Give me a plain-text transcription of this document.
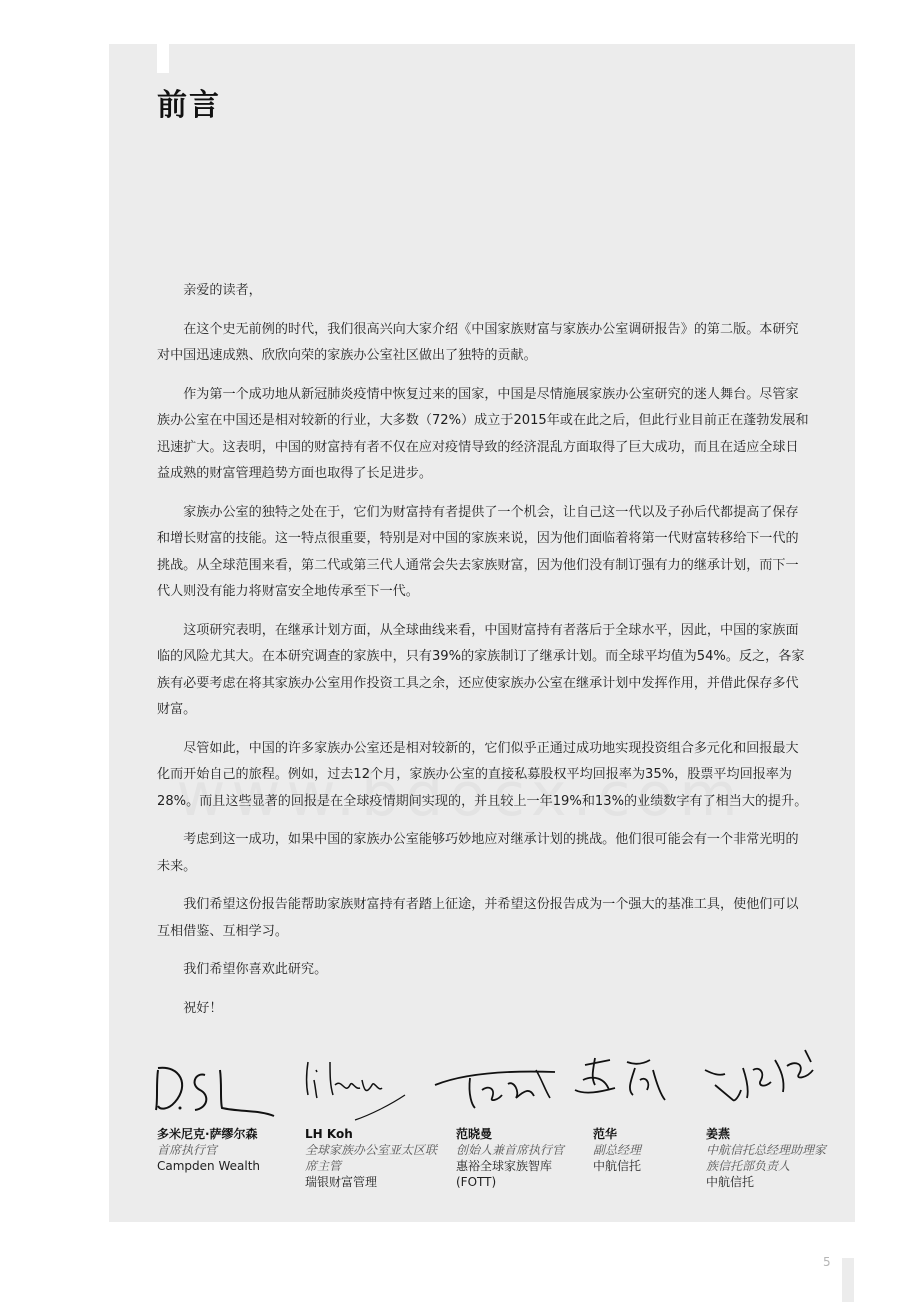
前言

亲爱的读者，

在这个史无前例的时代，我们很高兴向大家介绍《中国家族财富与家族办公室调研报告》的第二版。本研究对中国迅速成熟、欣欣向荣的家族办公室社区做出了独特的贡献。

作为第一个成功地从新冠肺炎疫情中恢复过来的国家，中国是尽情施展家族办公室研究的迷人舞台。尽管家族办公室在中国还是相对较新的行业，大多数（72%）成立于2015年或在此之后，但此行业目前正在蓬勃发展和迅速扩大。这表明，中国的财富持有者不仅在应对疫情导致的经济混乱方面取得了巨大成功，而且在适应全球日益成熟的财富管理趋势方面也取得了长足进步。

家族办公室的独特之处在于，它们为财富持有者提供了一个机会，让自己这一代以及子孙后代都提高了保存和增长财富的技能。这一特点很重要，特别是对中国的家族来说，因为他们面临着将第一代财富转移给下一代的挑战。从全球范围来看，第二代或第三代人通常会失去家族财富，因为他们没有制订强有力的继承计划，而下一代人则没有能力将财富安全地传承至下一代。

这项研究表明，在继承计划方面，从全球曲线来看，中国财富持有者落后于全球水平，因此，中国的家族面临的风险尤其大。在本研究调查的家族中，只有39%的家族制订了继承计划。而全球平均值为54%。反之，各家族有必要考虑在将其家族办公室用作投资工具之余，还应使家族办公室在继承计划中发挥作用，并借此保存多代财富。

尽管如此，中国的许多家族办公室还是相对较新的，它们似乎正通过成功地实现投资组合多元化和回报最大化而开始自己的旅程。例如，过去12个月，家族办公室的直接私募股权平均回报率为35%，股票平均回报率为28%。而且这些显著的回报是在全球疫情期间实现的，并且较上一年19%和13%的业绩数字有了相当大的提升。

考虑到这一成功，如果中国的家族办公室能够巧妙地应对继承计划的挑战。他们很可能会有一个非常光明的未来。

我们希望这份报告能帮助家族财富持有者踏上征途，并希望这份报告成为一个强大的基准工具，使他们可以互相借鉴、互相学习。

我们希望你喜欢此研究。

祝好！

多米尼克·萨缪尔森
首席执行官
Campden Wealth
LH Koh
全球家族办公室亚太区联席主管
瑞银财富管理
范晓曼
创始人兼首席执行官
惠裕全球家族智库(FOTT)
范华
副总经理
中航信托
姜燕
中航信托总经理助理家族信托部负责人
中航信托
5
